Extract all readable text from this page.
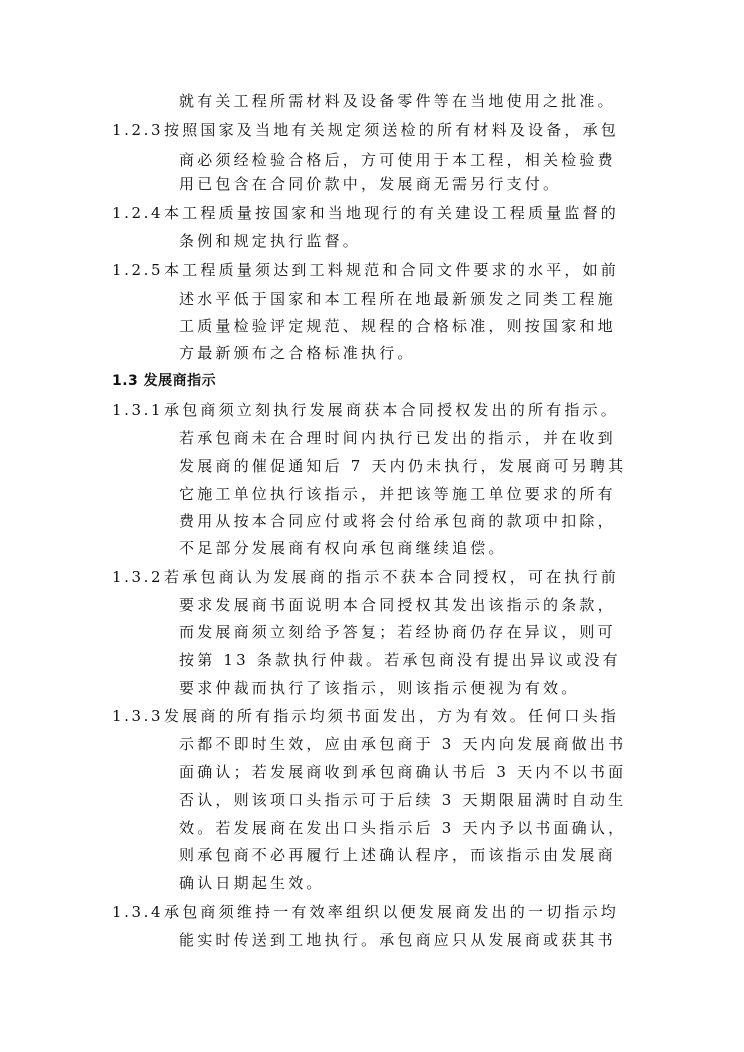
就有关工程所需材料及设备零件等在当地使用之批准。
1.2.3 按照国家及当地有关规定须送检的所有材料及设备，承包
商必须经检验合格后，方可使用于本工程，相关检验费
用已包含在合同价款中，发展商无需另行支付。
1.2.4 本工程质量按国家和当地现行的有关建设工程质量监督的
条例和规定执行监督。
1.2.5 本工程质量须达到工料规范和合同文件要求的水平，如前
述水平低于国家和本工程所在地最新颁发之同类工程施
工质量检验评定规范、规程的合格标准，则按国家和地
方最新颁布之合格标准执行。
1.3 发展商指示
1.3.1 承包商须立刻执行发展商获本合同授权发出的所有指示。
若承包商未在合理时间内执行已发出的指示，并在收到
发展商的催促通知后 7 天内仍未执行，发展商可另聘其
它施工单位执行该指示，并把该等施工单位要求的所有
费用从按本合同应付或将会付给承包商的款项中扣除，
不足部分发展商有权向承包商继续追偿。
1.3.2 若承包商认为发展商的指示不获本合同授权，可在执行前
要求发展商书面说明本合同授权其发出该指示的条款，
而发展商须立刻给予答复；若经协商仍存在异议，则可
按第 13 条款执行仲裁。若承包商没有提出异议或没有
要求仲裁而执行了该指示，则该指示便视为有效。
1.3.3 发展商的所有指示均须书面发出，方为有效。任何口头指
示都不即时生效，应由承包商于 3 天内向发展商做出书
面确认；若发展商收到承包商确认书后 3 天内不以书面
否认，则该项口头指示可于后续 3 天期限届满时自动生
效。若发展商在发出口头指示后 3 天内予以书面确认，
则承包商不必再履行上述确认程序，而该指示由发展商
确认日期起生效。
1.3.4 承包商须维持一有效率组织以便发展商发出的一切指示均
能实时传送到工地执行。承包商应只从发展商或获其书
